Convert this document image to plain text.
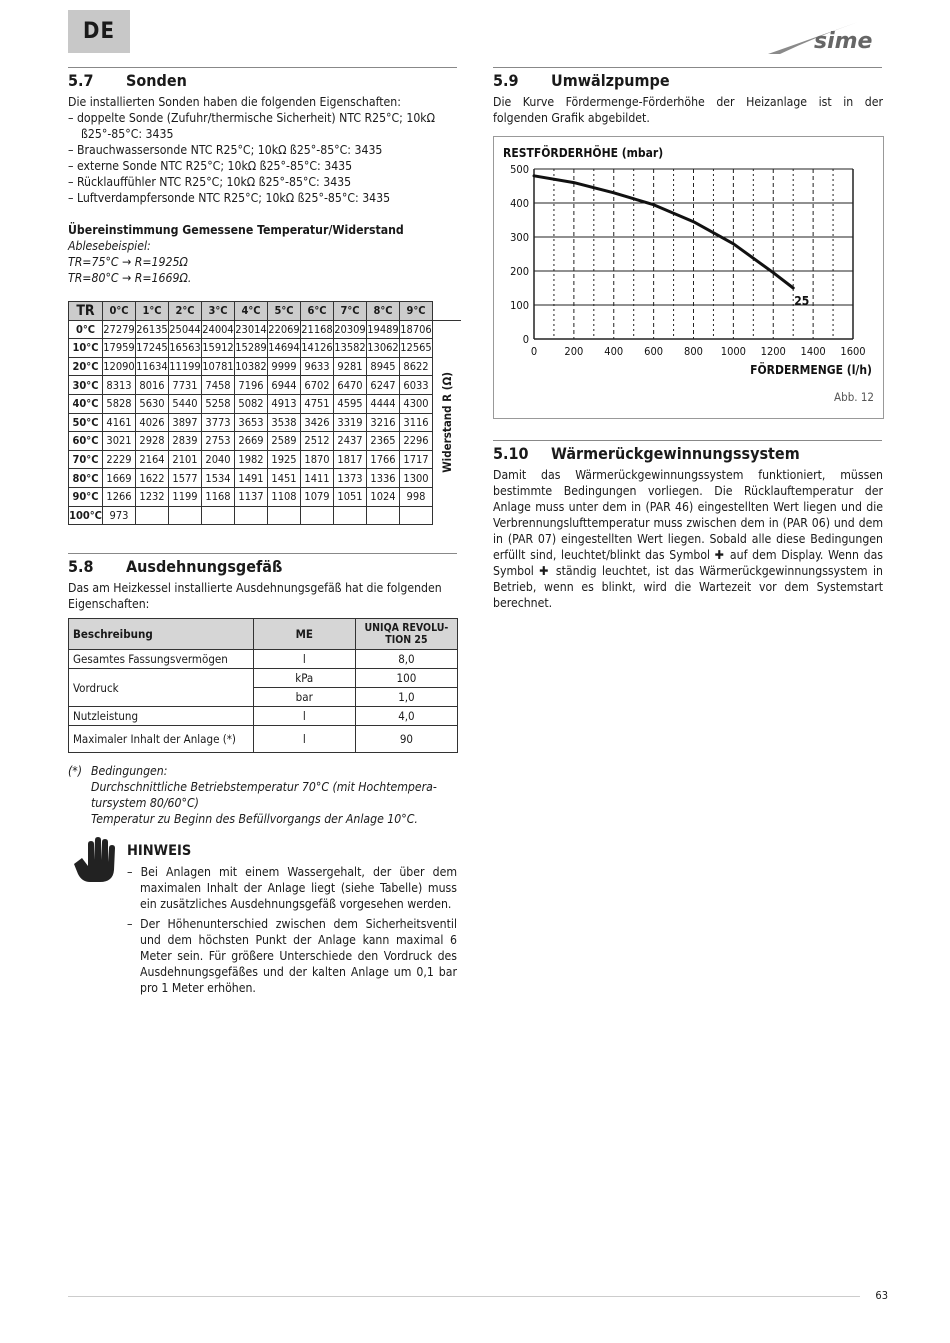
DE	sime
5.7	Sonden
Die installierten Sonden haben die folgenden Eigenschaften:
– doppelte Sonde (Zufuhr/thermische Sicherheit) NTC R25°C; 10kΩ ß25°-85°C: 3435
– Brauchwassersonde NTC R25°C; 10kΩ ß25°-85°C: 3435
– externe Sonde NTC R25°C; 10kΩ ß25°-85°C: 3435
– Rücklauffühler NTC R25°C; 10kΩ ß25°-85°C: 3435
– Luftverdampfersonde NTC R25°C; 10kΩ ß25°-85°C: 3435
Übereinstimmung Gemessene Temperatur/Widerstand
Ablesebeispiel:
TR=75°C → R=1925Ω
TR=80°C → R=1669Ω.
TR	0°C	1°C	2°C	3°C	4°C	5°C	6°C	7°C	8°C	9°C	
0°C	27279	26135	25044	24004	23014	22069	21168	20309	19489	18706	Widerstand R (Ω)

10°C	17959	17245	16563	15912	15289	14694	14126	13582	13062	12565	
20°C	12090	11634	11199	10781	10382	9999	9633	9281	8945	8622	
30°C	8313	8016	7731	7458	7196	6944	6702	6470	6247	6033	
40°C	5828	5630	5440	5258	5082	4913	4751	4595	4444	4300	
50°C	4161	4026	3897	3773	3653	3538	3426	3319	3216	3116	
60°C	3021	2928	2839	2753	2669	2589	2512	2437	2365	2296	
70°C	2229	2164	2101	2040	1982	1925	1870	1817	1766	1717	
80°C	1669	1622	1577	1534	1491	1451	1411	1373	1336	1300	
90°C	1266	1232	1199	1168	1137	1108	1079	1051	1024	998	
100°C	973										
5.8	Ausdehnungsgefäß
Das am Heizkessel installierte Ausdehnungsgefäß hat die folgenden Eigenschaften:
Beschreibung	ME	UNIQA REVOLU-TION 25
Gesamtes Fassungsvermögen	l	8,0
Vordruck	kPa	100
	bar	1,0
Nutzleistung	l	4,0
Maximaler Inhalt der Anlage (*)	l	90
(*) Bedingungen:
Durchschnittliche Betriebstemperatur 70°C (mit Hochtempera-
tursystem 80/60°C)
Temperatur zu Beginn des Befüllvorgangs der Anlage 10°C.
HINWEIS
– Bei Anlagen mit einem Wassergehalt, der über dem maximalen Inhalt der Anlage liegt (siehe Tabelle) muss ein zusätzliches Ausdehnungsgefäß vorgesehen werden.
– Der Höhenunterschied zwischen dem Sicherheitsventil und dem höchsten Punkt der Anlage kann maximal 6 Meter sein. Für größere Unterschiede den Vordruck des Ausdehnungsgefäßes und der kalten Anlage um 0,1 bar pro 1 Meter erhöhen.
5.9	Umwälzpumpe
Die Kurve Fördermenge-Förderhöhe der Heizanlage ist in der folgenden Grafik abgebildet.
RESTFÖRDERHÖHE (mbar)
FÖRDERMENGE (l/h)
0
100
200
300
400
500
0 200 400 600 800 1000 1200 1400 1600
25
Abb. 12
5.10	Wärmerückgewinnungssystem
Damit das Wärmerückgewinnungssystem funktioniert, müssen bestimmte Bedingungen vorliegen. Die Rücklauftemperatur der Anlage muss unter dem in (PAR 46) eingestellten Wert liegen und die Verbrennungslufttemperatur muss zwischen dem in (PAR 06) und dem in (PAR 07) eingestellten Wert liegen. Sobald alle diese Bedingungen erfüllt sind, leuchtet/blinkt das Symbol ✚ auf dem Display. Wenn das Symbol ✚ ständig leuchtet, ist das Wärmerückgewinnungssystem in Betrieb, wenn es blinkt, wird die Wartezeit vor dem Systemstart berechnet.
63
